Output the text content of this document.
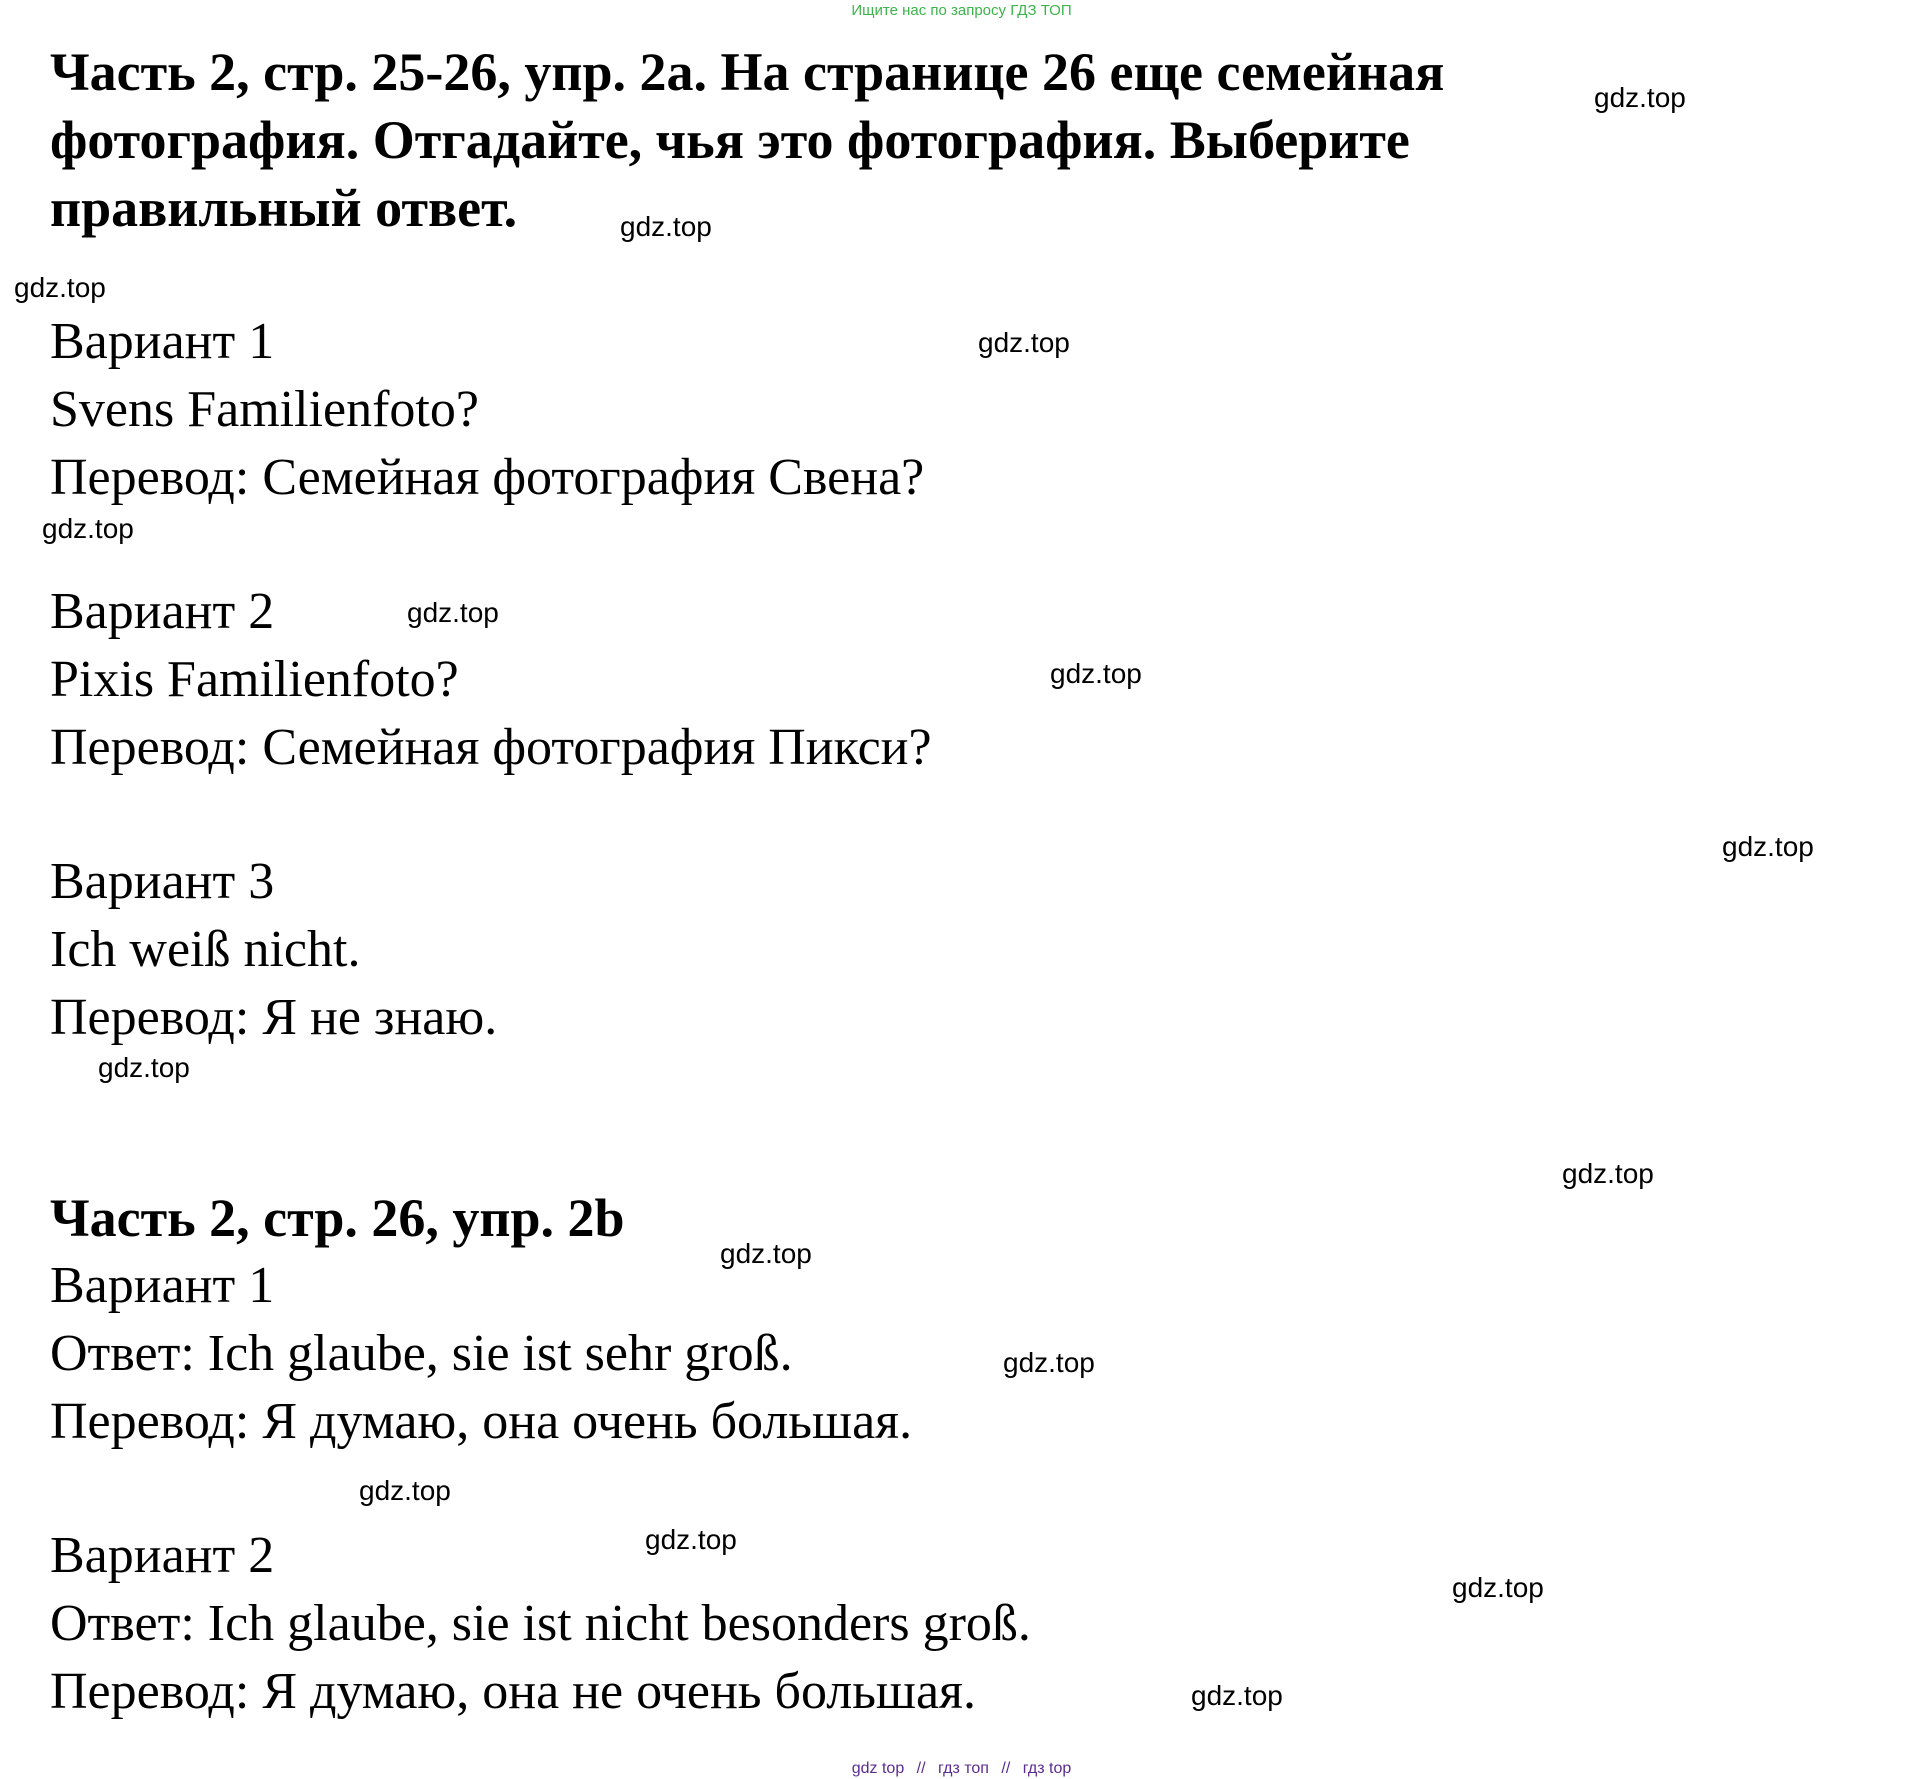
Ищите нас по запросу ГДЗ ТОП
Часть 2, стр. 25-26, упр. 2a. На странице 26 еще семейная фотография. Отгадайте, чья это фотография. Выберите правильный ответ.
Вариант 1
Svens Familienfoto?
Перевод: Семейная фотография Свена?
Вариант 2
Pixis Familienfoto?
Перевод: Семейная фотография Пикси?
Вариант 3
Ich weiß nicht.
Перевод: Я не знаю.
Часть 2, стр. 26, упр. 2b
Вариант 1
Ответ: Ich glaube, sie ist sehr groß.
Перевод: Я думаю, она очень большая.
Вариант 2
Ответ: Ich glaube, sie ist nicht besonders groß.
Перевод: Я думаю, она не очень большая.
gdz.top
gdz.top
gdz.top
gdz.top
gdz.top
gdz.top
gdz.top
gdz.top
gdz.top
gdz.top
gdz.top
gdz.top
gdz.top
gdz.top
gdz.top
gdz.top
gdz top // гдз топ // гдз top
